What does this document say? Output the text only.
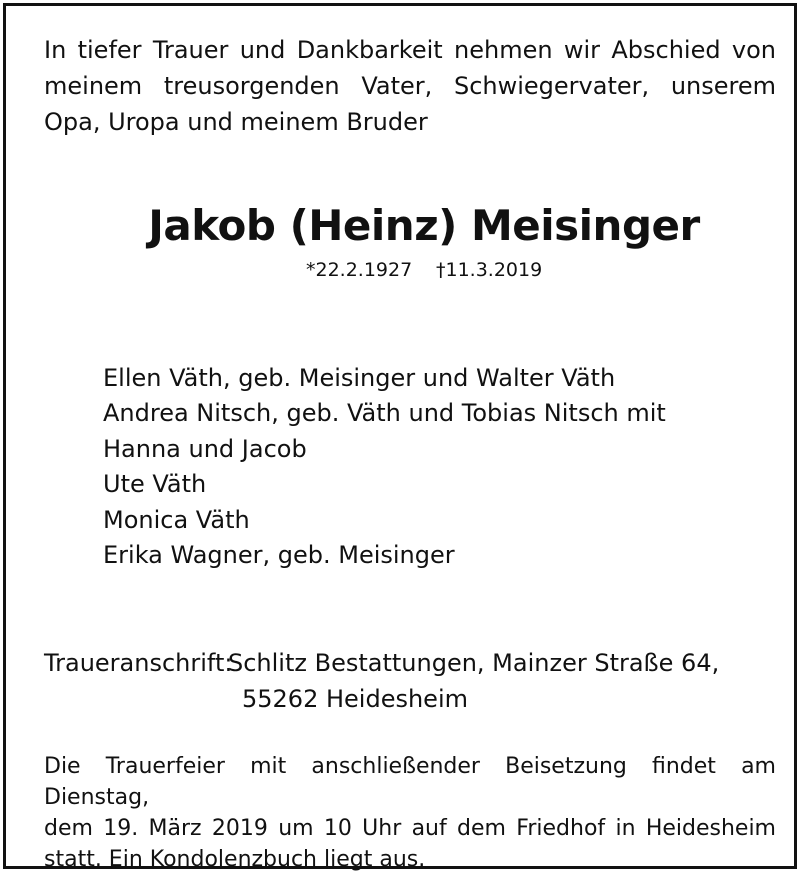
In tiefer Trauer und Dankbarkeit nehmen wir Abschied von
meinem treusorgenden Vater, Schwiegervater, unserem
Opa, Uropa und meinem Bruder
Jakob (Heinz) Meisinger
*22.2.1927 †11.3.2019
Ellen Väth, geb. Meisinger und Walter Väth
Andrea Nitsch, geb. Väth und Tobias Nitsch mit
Hanna und Jacob
Ute Väth
Monica Väth
Erika Wagner, geb. Meisinger
Traueranschrift:
Schlitz Bestattungen, Mainzer Straße 64,
55262 Heidesheim
Die Trauerfeier mit anschließender Beisetzung findet am Dienstag,
dem 19. März 2019 um 10 Uhr auf dem Friedhof in Heidesheim
statt. Ein Kondolenzbuch liegt aus.
